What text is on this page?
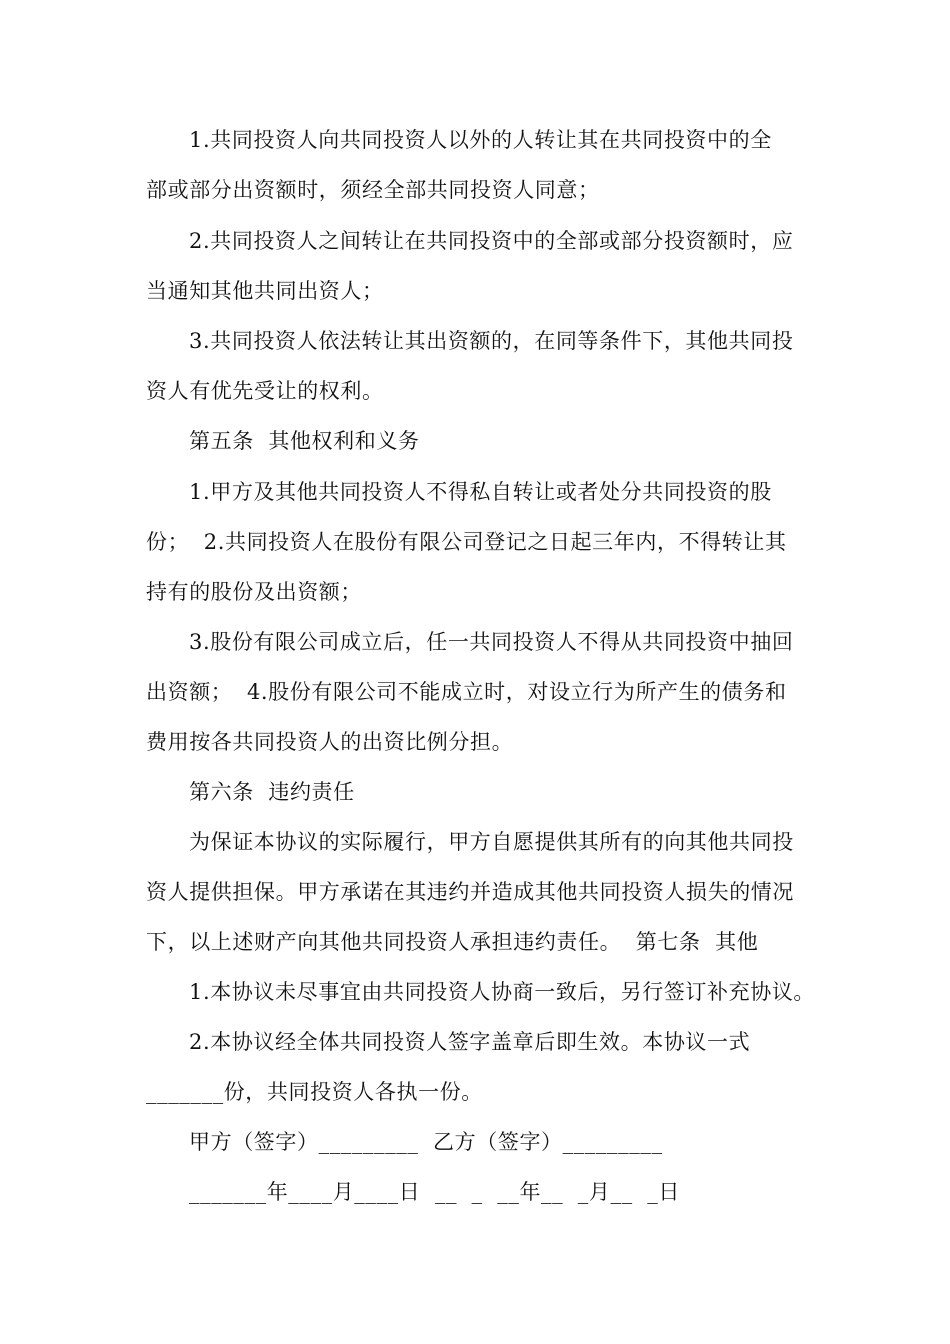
1.共同投资人向共同投资人以外的人转让其在共同投资中的全
部或部分出资额时，须经全部共同投资人同意；
2.共同投资人之间转让在共同投资中的全部或部分投资额时，应
当通知其他共同出资人；
3.共同投资人依法转让其出资额的，在同等条件下，其他共同投
资人有优先受让的权利。
第五条  其他权利和义务
1.甲方及其他共同投资人不得私自转让或者处分共同投资的股
份；  2.共同投资人在股份有限公司登记之日起三年内，不得转让其
持有的股份及出资额；
3.股份有限公司成立后，任一共同投资人不得从共同投资中抽回
出资额；  4.股份有限公司不能成立时，对设立行为所产生的债务和
费用按各共同投资人的出资比例分担。
第六条  违约责任
为保证本协议的实际履行，甲方自愿提供其所有的向其他共同投
资人提供担保。甲方承诺在其违约并造成其他共同投资人损失的情况
下，以上述财产向其他共同投资人承担违约责任。  第七条  其他
1.本协议未尽事宜由共同投资人协商一致后，另行签订补充协议。
2.本协议经全体共同投资人签字盖章后即生效。本协议一式
_______份，共同投资人各执一份。
甲方（签字）_________  乙方（签字）_________
_______年____月____日  __  _  __年__  _月__  _日
